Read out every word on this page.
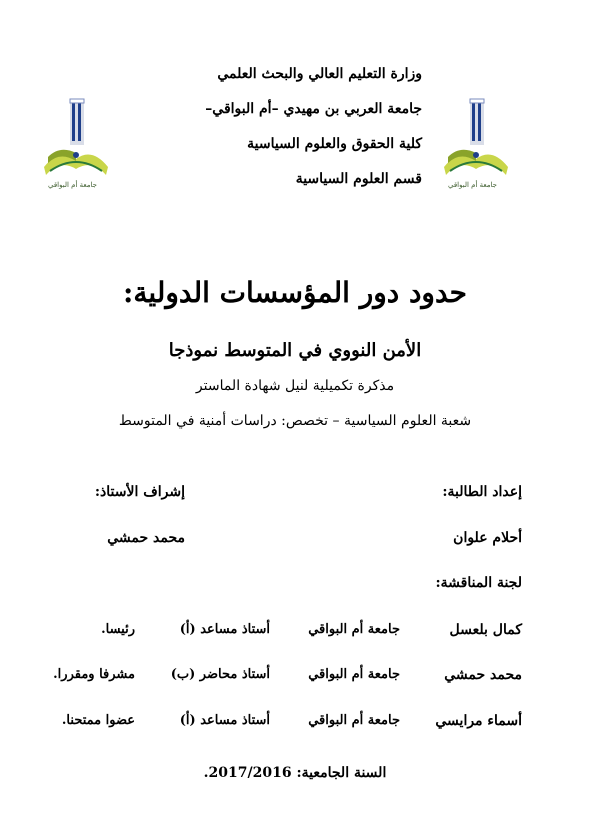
وزارة التعليم العالي والبحث العلمي
جامعة العربي بن مهيدي –أم البواقي–
كلية الحقوق والعلوم السياسية
قسم العلوم السياسية
جامعة أم البواقي	جامعة أم البواقي
حدود دور المؤسسات الدولية:
الأمن النووي في المتوسط نموذجا
مذكرة تكميلية لنيل شهادة الماستر
شعبة العلوم السياسية – تخصص: دراسات أمنية في المتوسط
إعداد الطالبة:
أحلام علوان
إشراف الأستاذ:
محمد حمشي
لجنة المناقشة:
كمال بلعسل
جامعة أم البواقي
أستاذ مساعد (أ)
رئيسا.
محمد حمشي
جامعة أم البواقي
أستاذ محاضر (ب)
مشرفا ومقررا.
أسماء مرايسي
جامعة أم البواقي
أستاذ مساعد (أ)
عضوا ممتحنا.
السنة الجامعية: 2017/2016.
